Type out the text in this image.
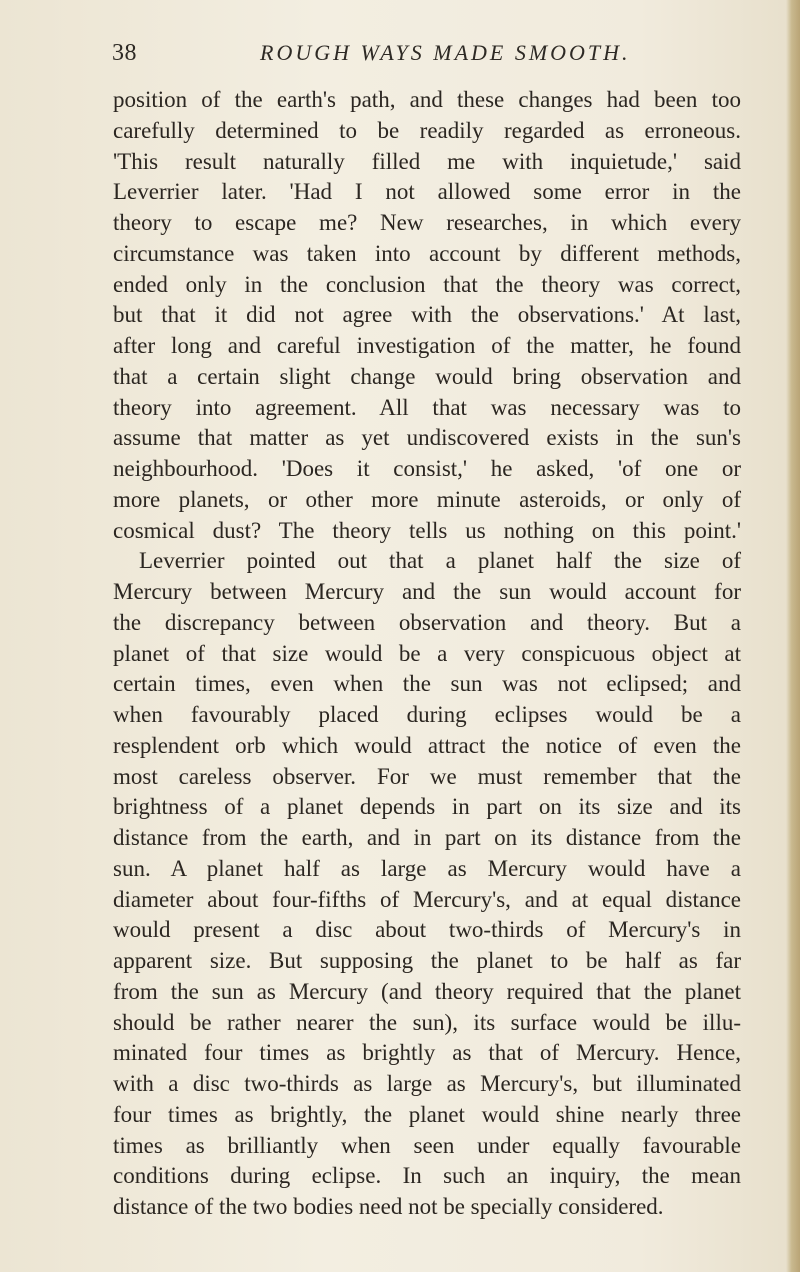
38	ROUGH WAYS MADE SMOOTH.
position of the earth's path, and these changes had been too
carefully determined to be readily regarded as erroneous.
'This result naturally filled me with inquietude,' said
Leverrier later. 'Had I not allowed some error in the
theory to escape me? New researches, in which every
circumstance was taken into account by different methods,
ended only in the conclusion that the theory was correct,
but that it did not agree with the observations.' At last,
after long and careful investigation of the matter, he found
that a certain slight change would bring observation and
theory into agreement. All that was necessary was to
assume that matter as yet undiscovered exists in the sun's
neighbourhood. 'Does it consist,' he asked, 'of one or
more planets, or other more minute asteroids, or only of
cosmical dust? The theory tells us nothing on this point.'
Leverrier pointed out that a planet half the size of
Mercury between Mercury and the sun would account for
the discrepancy between observation and theory. But a
planet of that size would be a very conspicuous object at
certain times, even when the sun was not eclipsed; and
when favourably placed during eclipses would be a
resplendent orb which would attract the notice of even the
most careless observer. For we must remember that the
brightness of a planet depends in part on its size and its
distance from the earth, and in part on its distance from the
sun. A planet half as large as Mercury would have a
diameter about four-fifths of Mercury's, and at equal distance
would present a disc about two-thirds of Mercury's in
apparent size. But supposing the planet to be half as far
from the sun as Mercury (and theory required that the planet
should be rather nearer the sun), its surface would be illu-
minated four times as brightly as that of Mercury. Hence,
with a disc two-thirds as large as Mercury's, but illuminated
four times as brightly, the planet would shine nearly three
times as brilliantly when seen under equally favourable
conditions during eclipse. In such an inquiry, the mean
distance of the two bodies need not be specially considered.
